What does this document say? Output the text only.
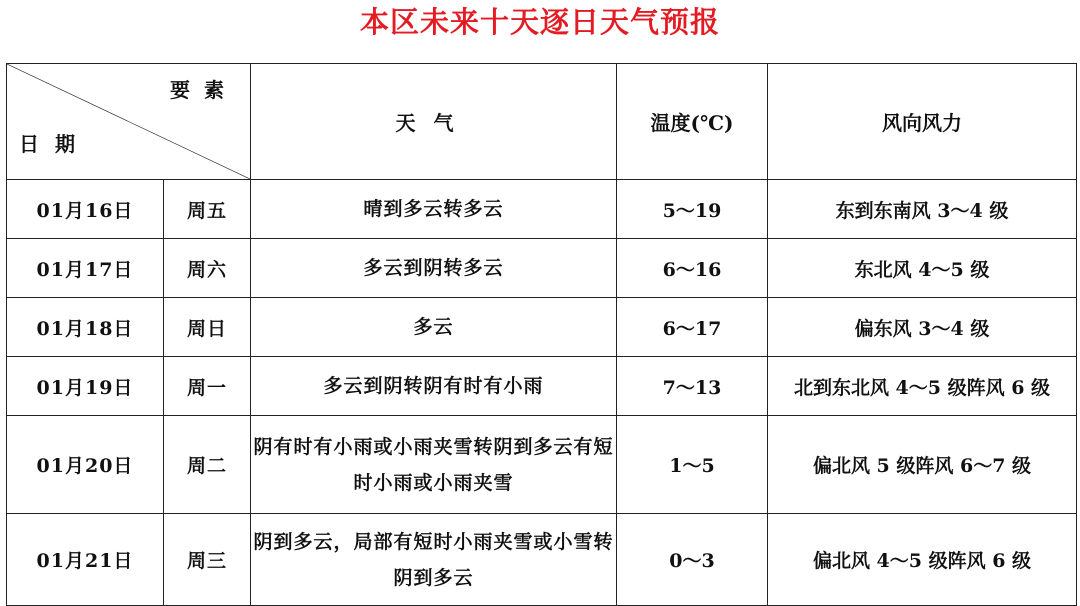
本区未来十天逐日天气预报
要素
日期		天气	温度(℃)	风向风力
01月16日	周五	晴到多云转多云	5～19	东到东南风 3～4 级
01月17日	周六	多云到阴转多云	6～16	东北风 4～5 级
01月18日	周日	多云	6～17	偏东风 3～4 级
01月19日	周一	多云到阴转阴有时有小雨	7～13	北到东北风 4～5 级阵风 6 级
01月20日	周二	阴有时有小雨或小雨夹雪转阴到多云有短时小雨或小雨夹雪	1～5	偏北风 5 级阵风 6～7 级
01月21日	周三	阴到多云，局部有短时小雨夹雪或小雪转阴到多云	0～3	偏北风 4～5 级阵风 6 级
